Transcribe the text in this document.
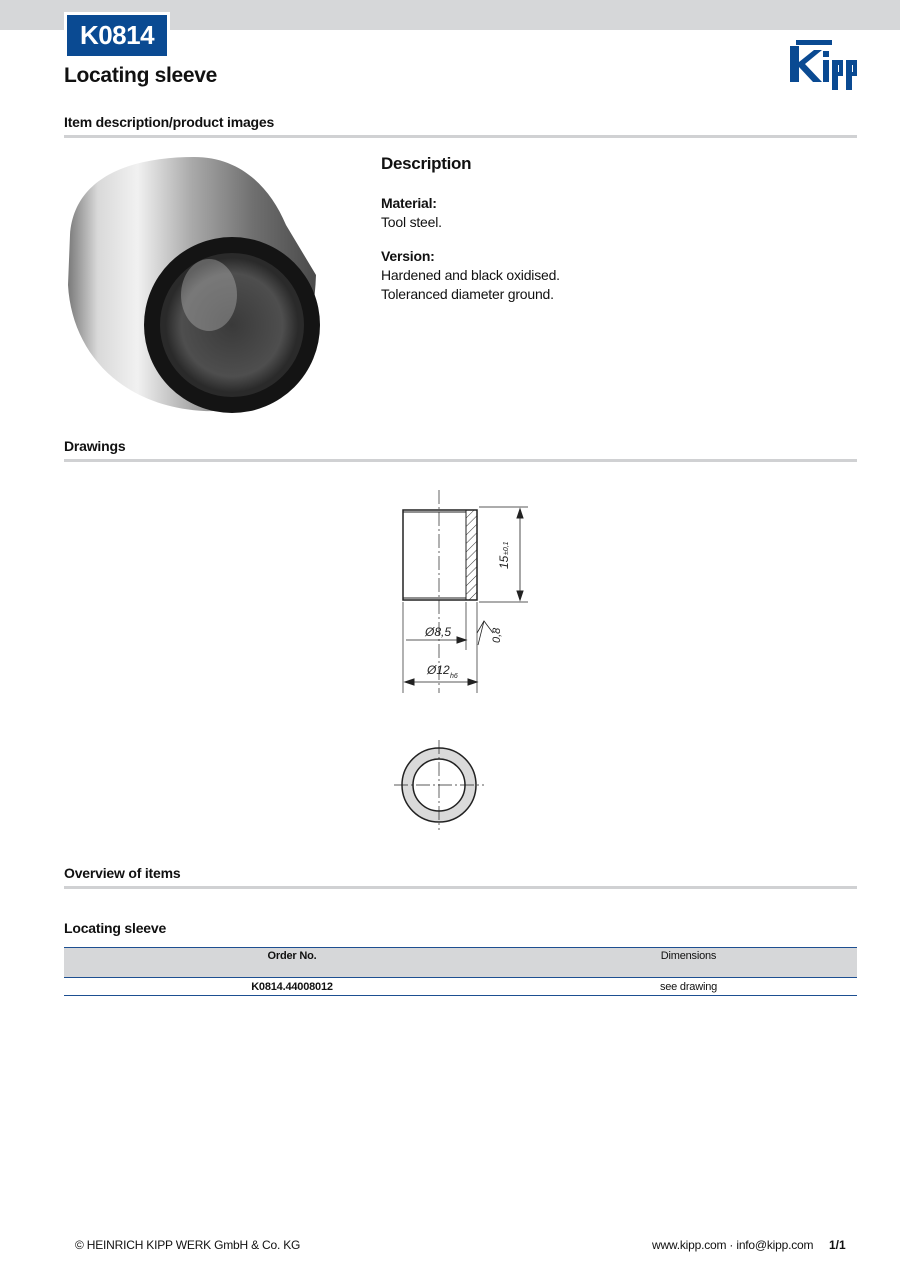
K0814
Locating sleeve
Kipp
Item description/product images
Description
Material:
Tool steel.
Version:
Hardened and black oxidised.
Toleranced diameter ground.
Drawings
15
±0,1
Ø8,5
Ø12 h6
0,8
Overview of items
Locating sleeve
Order No.	Dimensions
K0814.44008012	see drawing
© HEINRICH KIPP WERK GmbH & Co. KG	www.kipp.com · info@kipp.com 1/1
